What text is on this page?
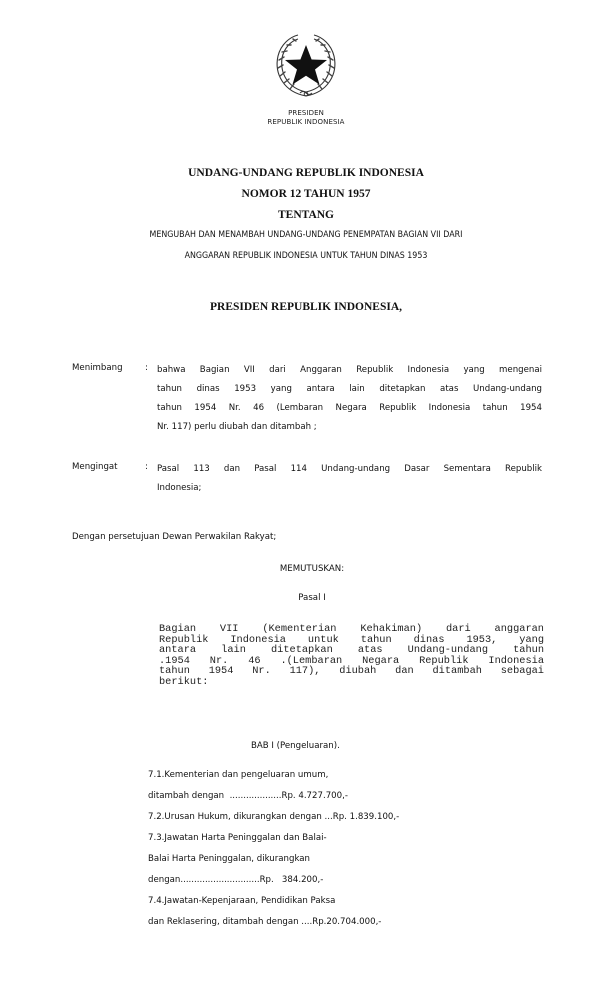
PRESIDEN
REPUBLIK INDONESIA
UNDANG-UNDANG REPUBLIK INDONESIA
NOMOR 12 TAHUN 1957
TENTANG
MENGUBAH DAN MENAMBAH UNDANG-UNDANG PENEMPATAN BAGIAN VII DARI
ANGGARAN REPUBLIK INDONESIA UNTUK TAHUN DINAS 1953
PRESIDEN REPUBLIK INDONESIA,
Menimbang	: bahwa Bagian VII dari Anggaran Republik Indonesia yang mengenai
tahun dinas 1953 yang antara lain ditetapkan atas Undang-undang
tahun 1954 Nr. 46 (Lembaran Negara Republik Indonesia tahun 1954
Nr. 117) perlu diubah dan ditambah ;
Mengingat	: Pasal 113 dan Pasal 114 Undang-undang Dasar Sementara Republik
Indonesia;
Dengan persetujuan Dewan Perwakilan Rakyat;
MEMUTUSKAN:
Pasal I
Bagian VII (Kementerian Kehakiman) dari anggaran
Republik Indonesia untuk tahun dinas 1953, yang
antara lain ditetapkan atas Undang-undang tahun
.1954 Nr. 46 .(Lembaran Negara Republik Indonesia
tahun 1954 Nr. 117), diubah dan ditambah sebagai
berikut:
BAB I (Pengeluaran).
7.1.Kementerian dan pengeluaran umum,
ditambah dengan  ...................Rp. 4.727.700,-
7.2.Urusan Hukum, dikurangkan dengan ...Rp. 1.839.100,-
7.3.Jawatan Harta Peninggalan dan Balai-
Balai Harta Peninggalan, dikurangkan
dengan.............................Rp.   384.200,-
7.4.Jawatan-Kepenjaraan, Pendidikan Paksa
dan Reklasering, ditambah dengan ....Rp.20.704.000,-
